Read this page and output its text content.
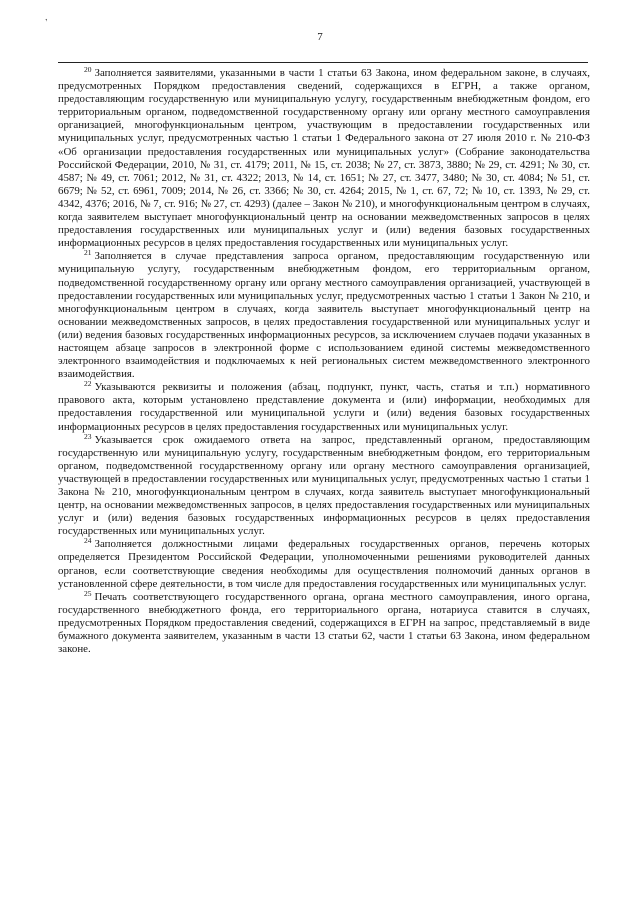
,
7

$^{20}$ Заполняется заявителями, указанными в части 1 статьи 63 Закона, ином федеральном законе, в случаях, предусмотренных Порядком предоставления сведений, содержащихся в ЕГРН, а также органом, предоставляющим государственную или муниципальную услугу, государственным внебюджетным фондом, его территориальным органом, подведомственной государственному органу или органу местного самоуправления организацией, многофункциональным центром, участвующим в предоставлении государственных или муниципальных услуг, предусмотренных частью 1 статьи 1 Федерального закона от 27 июля 2010 г. № 210-ФЗ «Об организации предоставления государственных или муниципальных услуг» (Собрание законодательства Российской Федерации, 2010, № 31, ст. 4179; 2011, № 15, ст. 2038; № 27, ст. 3873, 3880; № 29, ст. 4291; № 30, ст. 4587; № 49, ст. 7061; 2012, № 31, ст. 4322; 2013, № 14, ст. 1651; № 27, ст. 3477, 3480; № 30, ст. 4084; № 51, ст. 6679; № 52, ст. 6961, 7009; 2014, № 26, ст. 3366; № 30, ст. 4264; 2015, № 1, ст. 67, 72; № 10, ст. 1393, № 29, ст. 4342, 4376; 2016, № 7, ст. 916; № 27, ст. 4293) (далее – Закон № 210), и многофункциональным центром в случаях, когда заявителем выступает многофункциональный центр на основании межведомственных запросов в целях предоставления государственных или муниципальных услуг и (или) ведения базовых государственных информационных ресурсов в целях предоставления государственных или муниципальных услуг.

$^{21}$ Заполняется в случае представления запроса органом, предоставляющим государственную или муниципальную услугу, государственным внебюджетным фондом, его территориальным органом, подведомственной государственному органу или органу местного самоуправления организацией, участвующей в предоставлении государственных или муниципальных услуг, предусмотренных частью 1 статьи 1 Закон № 210, и многофункциональным центром в случаях, когда заявитель выступает многофункциональный центр на основании межведомственных запросов, в целях предоставления государственной или муниципальных услуг и (или) ведения базовых государственных информационных ресурсов, за исключением случаев подачи указанных в настоящем абзаце запросов в электронной форме с использованием единой системы межведомственного электронного взаимодействия и подключаемых к ней региональных систем межведомственного электронного взаимодействия.

$^{22}$ Указываются реквизиты и положения (абзац, подпункт, пункт, часть, статья и т.п.) нормативного правового акта, которым установлено представление документа и (или) информации, необходимых для предоставления государственной или муниципальной услуги и (или) ведения базовых государственных информационных ресурсов в целях предоставления государственных или муниципальных услуг.

$^{23}$ Указывается срок ожидаемого ответа на запрос, представленный органом, предоставляющим государственную или муниципальную услугу, государственным внебюджетным фондом, его территориальным органом, подведомственной государственному органу или органу местного самоуправления организацией, участвующей в предоставлении государственных или муниципальных услуг, предусмотренных частью 1 статьи 1 Закона № 210, многофункциональным центром в случаях, когда заявитель выступает многофункциональный центр, на основании межведомственных запросов, в целях предоставления государственных или муниципальных услуг и (или) ведения базовых государственных информационных ресурсов в целях предоставления государственных или муниципальных услуг.

$^{24}$ Заполняется должностными лицами федеральных государственных органов, перечень которых определяется Президентом Российской Федерации, уполномоченными решениями руководителей данных органов, если соответствующие сведения необходимы для осуществления полномочий данных органов в установленной сфере деятельности, в том числе для предоставления государственных или муниципальных услуг.

$^{25}$ Печать соответствующего государственного органа, органа местного самоуправления, иного органа, государственного внебюджетного фонда, его территориального органа, нотариуса ставится в случаях, предусмотренных Порядком предоставления сведений, содержащихся в ЕГРН на запрос, представляемый в виде бумажного документа заявителем, указанным в части 13 статьи 62, части 1 статьи 63 Закона, ином федеральном законе.
